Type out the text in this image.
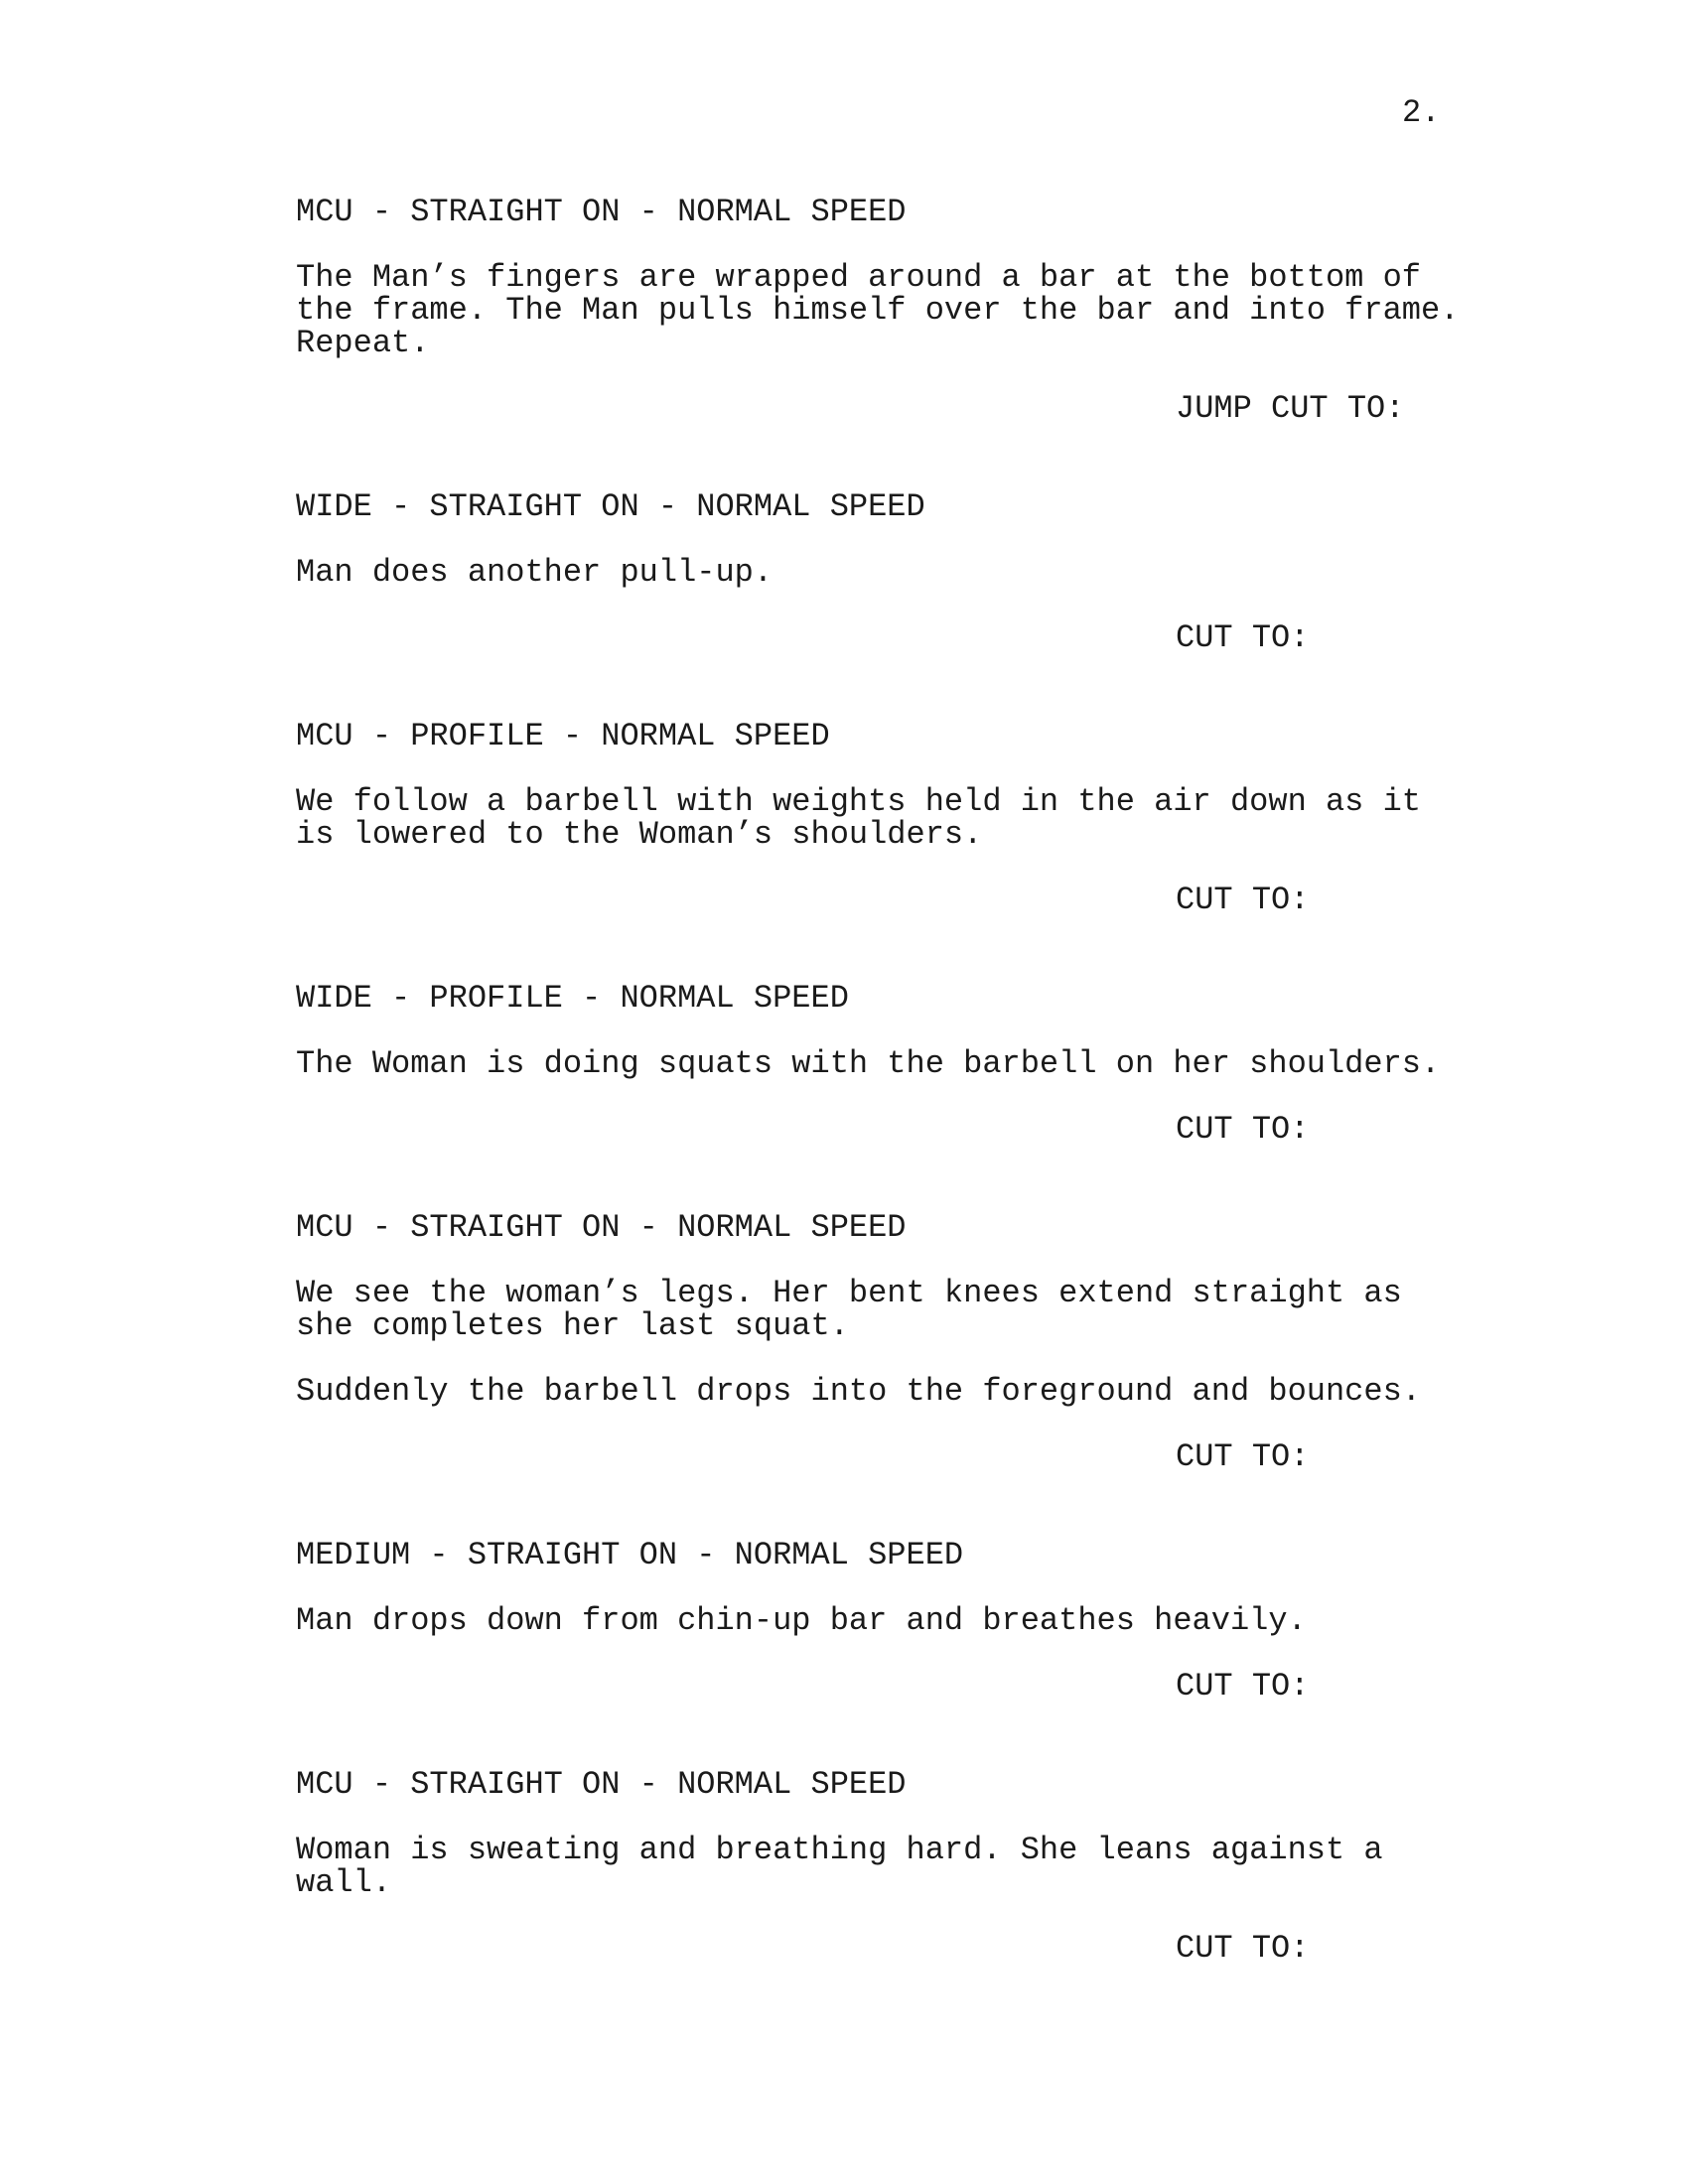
2.
MCU - STRAIGHT ON - NORMAL SPEED
The Man’s fingers are wrapped around a bar at the bottom of
the frame. The Man pulls himself over the bar and into frame.
Repeat.
JUMP CUT TO:
WIDE - STRAIGHT ON - NORMAL SPEED
Man does another pull-up.
CUT TO:
MCU - PROFILE - NORMAL SPEED
We follow a barbell with weights held in the air down as it
is lowered to the Woman’s shoulders.
CUT TO:
WIDE - PROFILE - NORMAL SPEED
The Woman is doing squats with the barbell on her shoulders.
CUT TO:
MCU - STRAIGHT ON - NORMAL SPEED
We see the woman’s legs. Her bent knees extend straight as
she completes her last squat.
Suddenly the barbell drops into the foreground and bounces.
CUT TO:
MEDIUM - STRAIGHT ON - NORMAL SPEED
Man drops down from chin-up bar and breathes heavily.
CUT TO:
MCU - STRAIGHT ON - NORMAL SPEED
Woman is sweating and breathing hard. She leans against a
wall.
CUT TO:
